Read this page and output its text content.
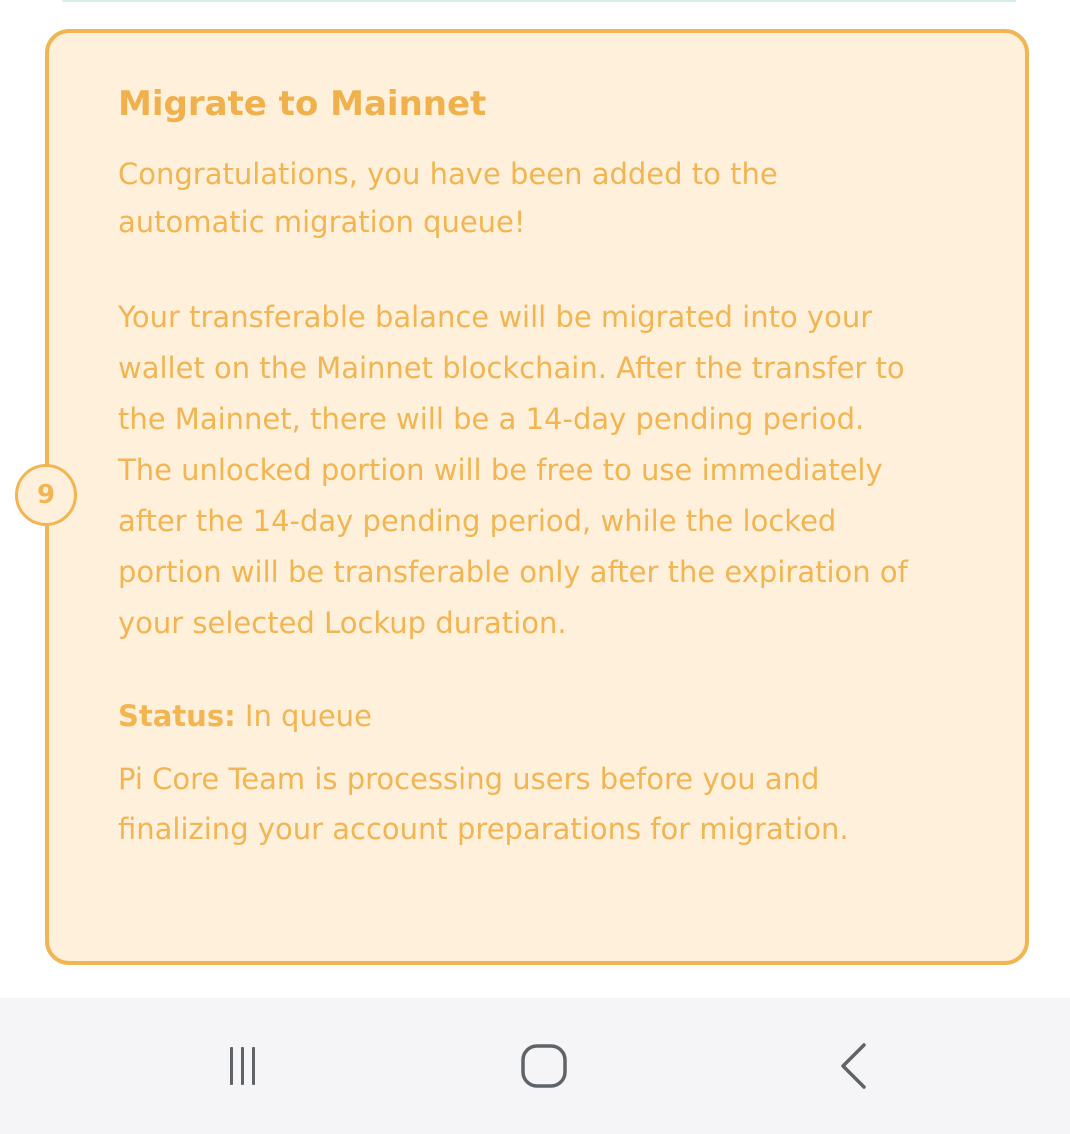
9
Migrate to Mainnet
Congratulations, you have been added to the
automatic migration queue!
Your transferable balance will be migrated into your
wallet on the Mainnet blockchain. After the transfer to
the Mainnet, there will be a 14-day pending period.
The unlocked portion will be free to use immediately
after the 14-day pending period, while the locked
portion will be transferable only after the expiration of
your selected Lockup duration.
Status: In queue
Pi Core Team is processing users before you and
finalizing your account preparations for migration.
